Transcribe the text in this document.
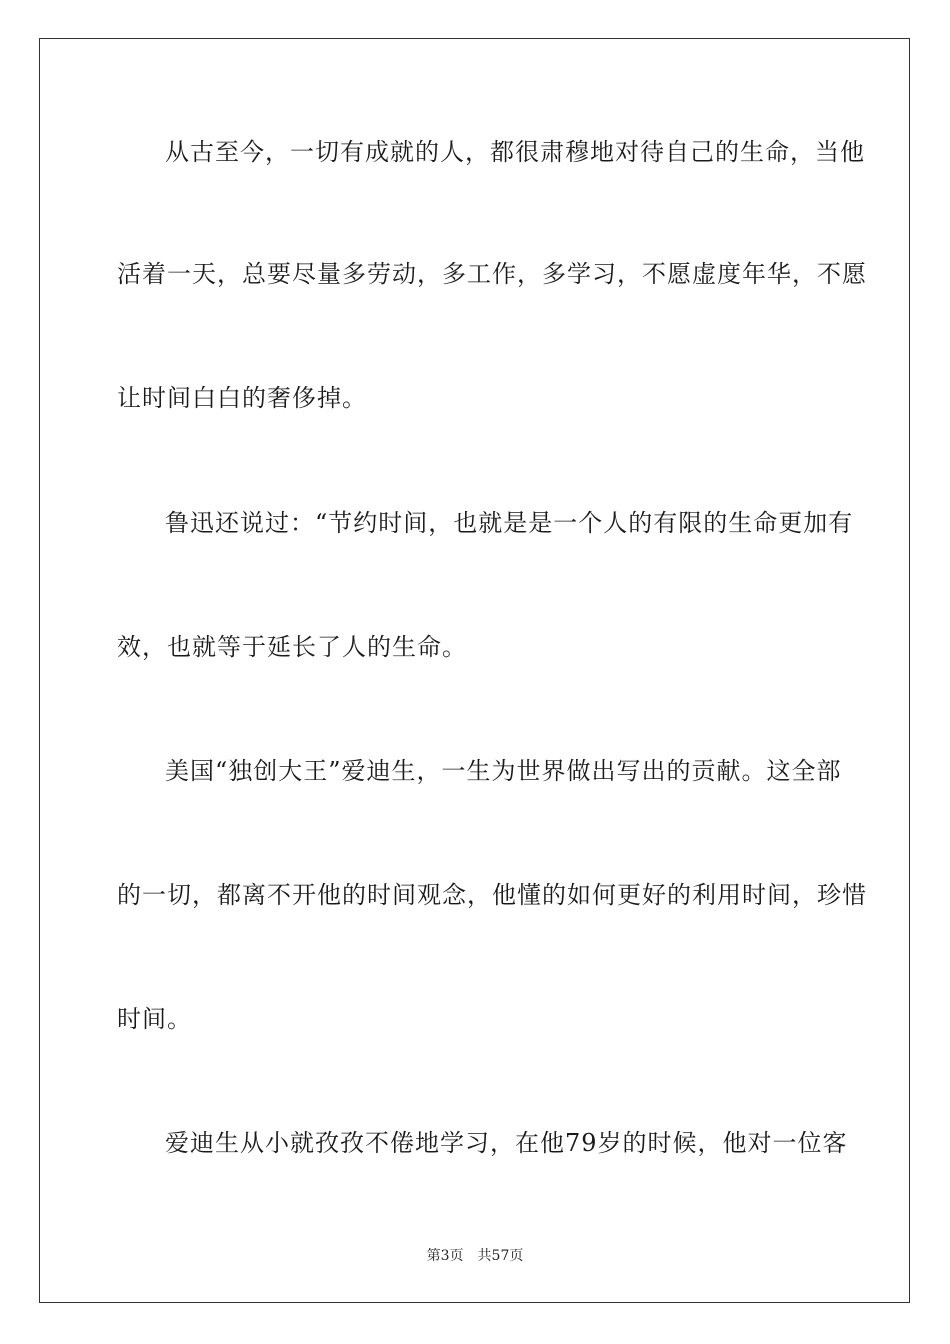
从古至今，一切有成就的人，都很肃穆地对待自己的生命，当他
活着一天，总要尽量多劳动，多工作，多学习，不愿虚度年华，不愿
让时间白白的奢侈掉。
鲁迅还说过：“节约时间，也就是是一个人的有限的生命更加有
效，也就等于延长了人的生命。
美国“独创大王”爱迪生，一生为世界做出写出的贡献。这全部
的一切，都离不开他的时间观念，他懂的如何更好的利用时间，珍惜
时间。
爱迪生从小就孜孜不倦地学习，在他79岁的时候，他对一位客
第3页　共57页
